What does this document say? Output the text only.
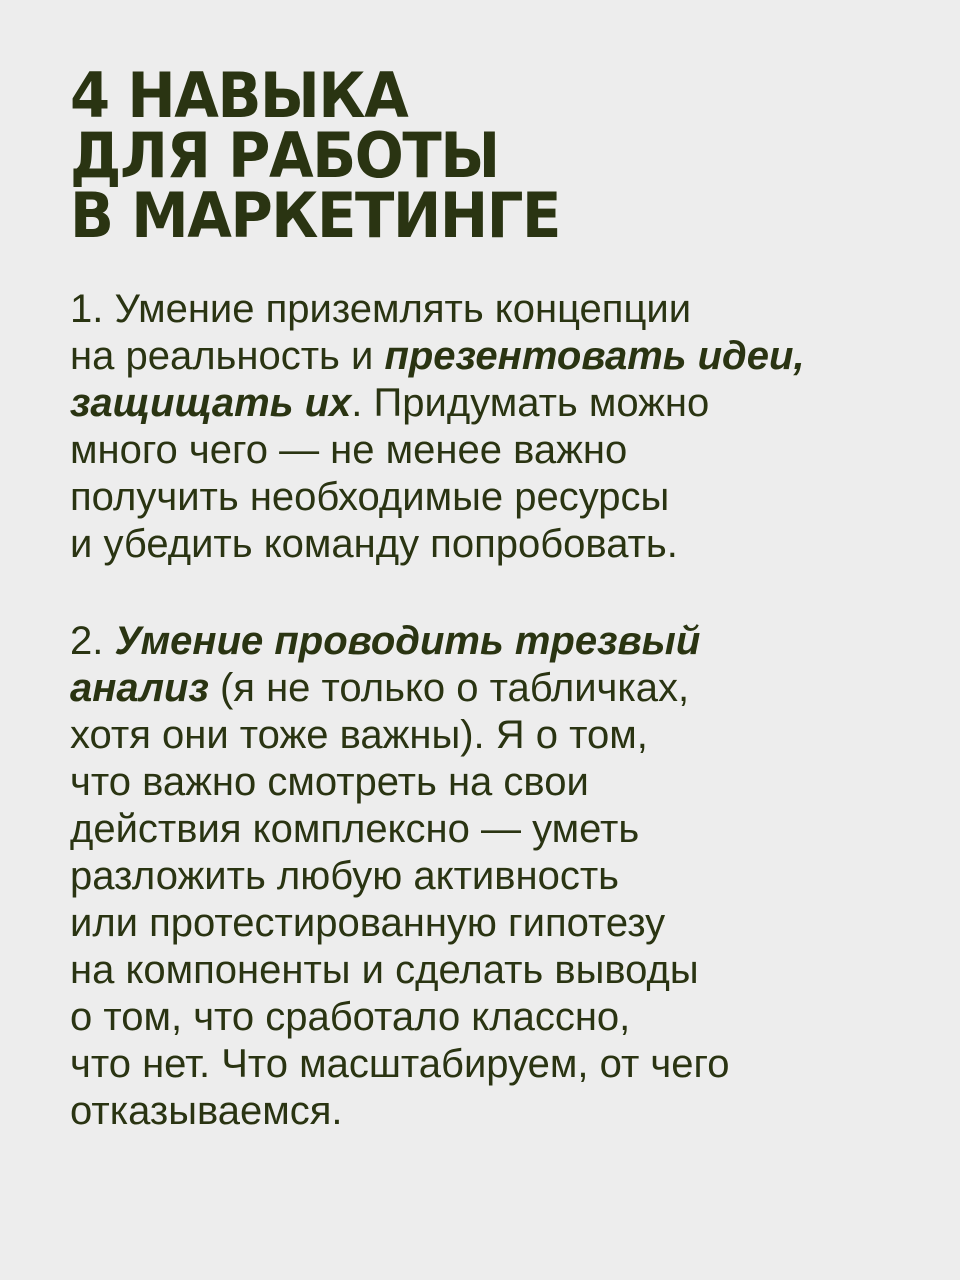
4 НАВЫКА
ДЛЯ РАБОТЫ
В МАРКЕТИНГЕ

1. Умение приземлять концепции
на реальность и презентовать идеи,
защищать их. Придумать можно
много чего — не менее важно
получить необходимые ресурсы
и убедить команду попробовать.

2. Умение проводить трезвый
анализ (я не только о табличках,
хотя они тоже важны). Я о том,
что важно смотреть на свои
действия комплексно — уметь
разложить любую активность
или протестированную гипотезу
на компоненты и сделать выводы
о том, что сработало классно,
что нет. Что масштабируем, от чего
отказываемся.
